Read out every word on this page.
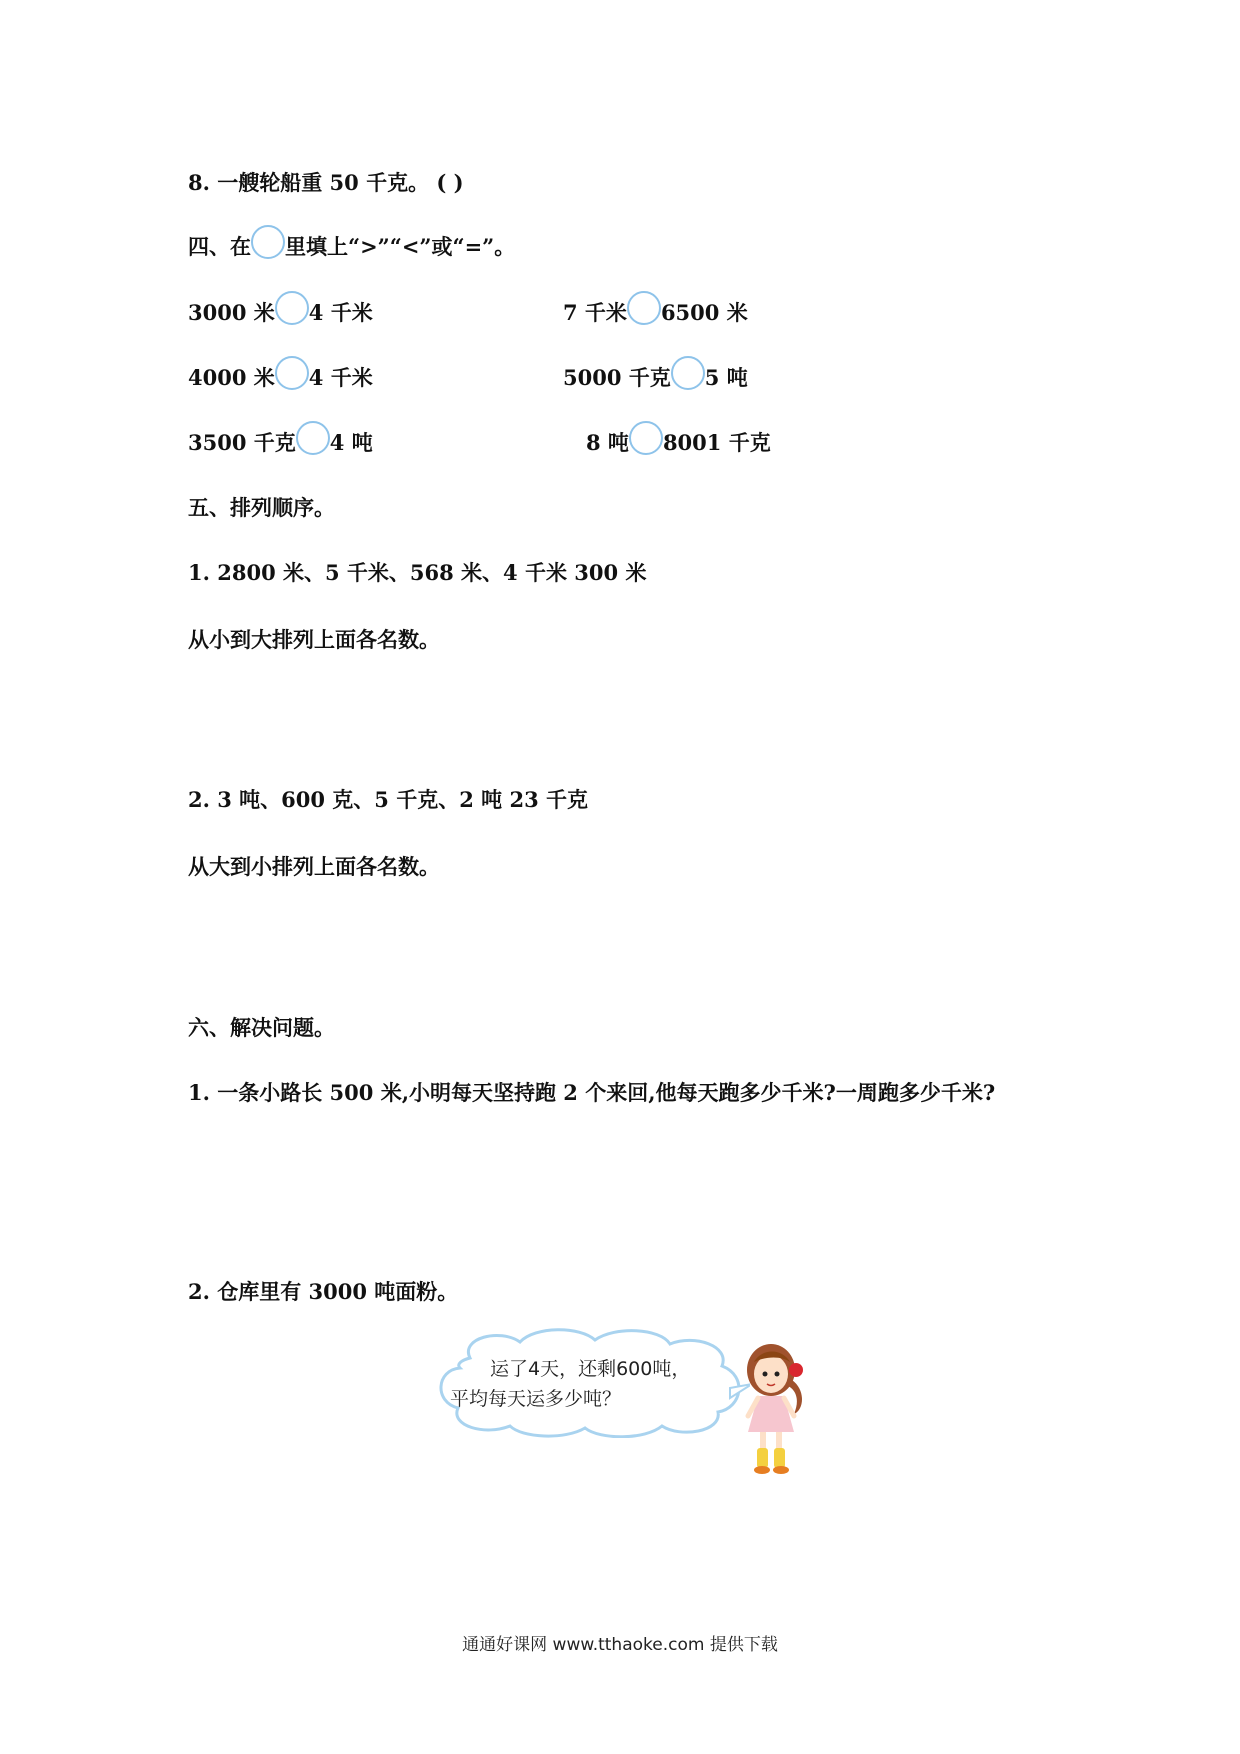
8. 一艘轮船重 50 千克。 ( )
四、在 里填上“>”“<”或“=”。
3000 米 4 千米	7 千米 6500 米
4000 米 4 千米	5000 千克 5 吨
3500 千克 4 吨	8 吨 8001 千克
五、排列顺序。
1. 2800 米、5 千米、568 米、4 千米 300 米
从小到大排列上面各名数。
2. 3 吨、600 克、5 千克、2 吨 23 千克
从大到小排列上面各名数。
六、解决问题。
1. 一条小路长 500 米,小明每天坚持跑 2 个来回,他每天跑多少千米?一周跑多少千米?
2. 仓库里有 3000 吨面粉。
运了4天，还剩600吨，
平均每天运多少吨？
通通好课网 www.tthaoke.com 提供下载
